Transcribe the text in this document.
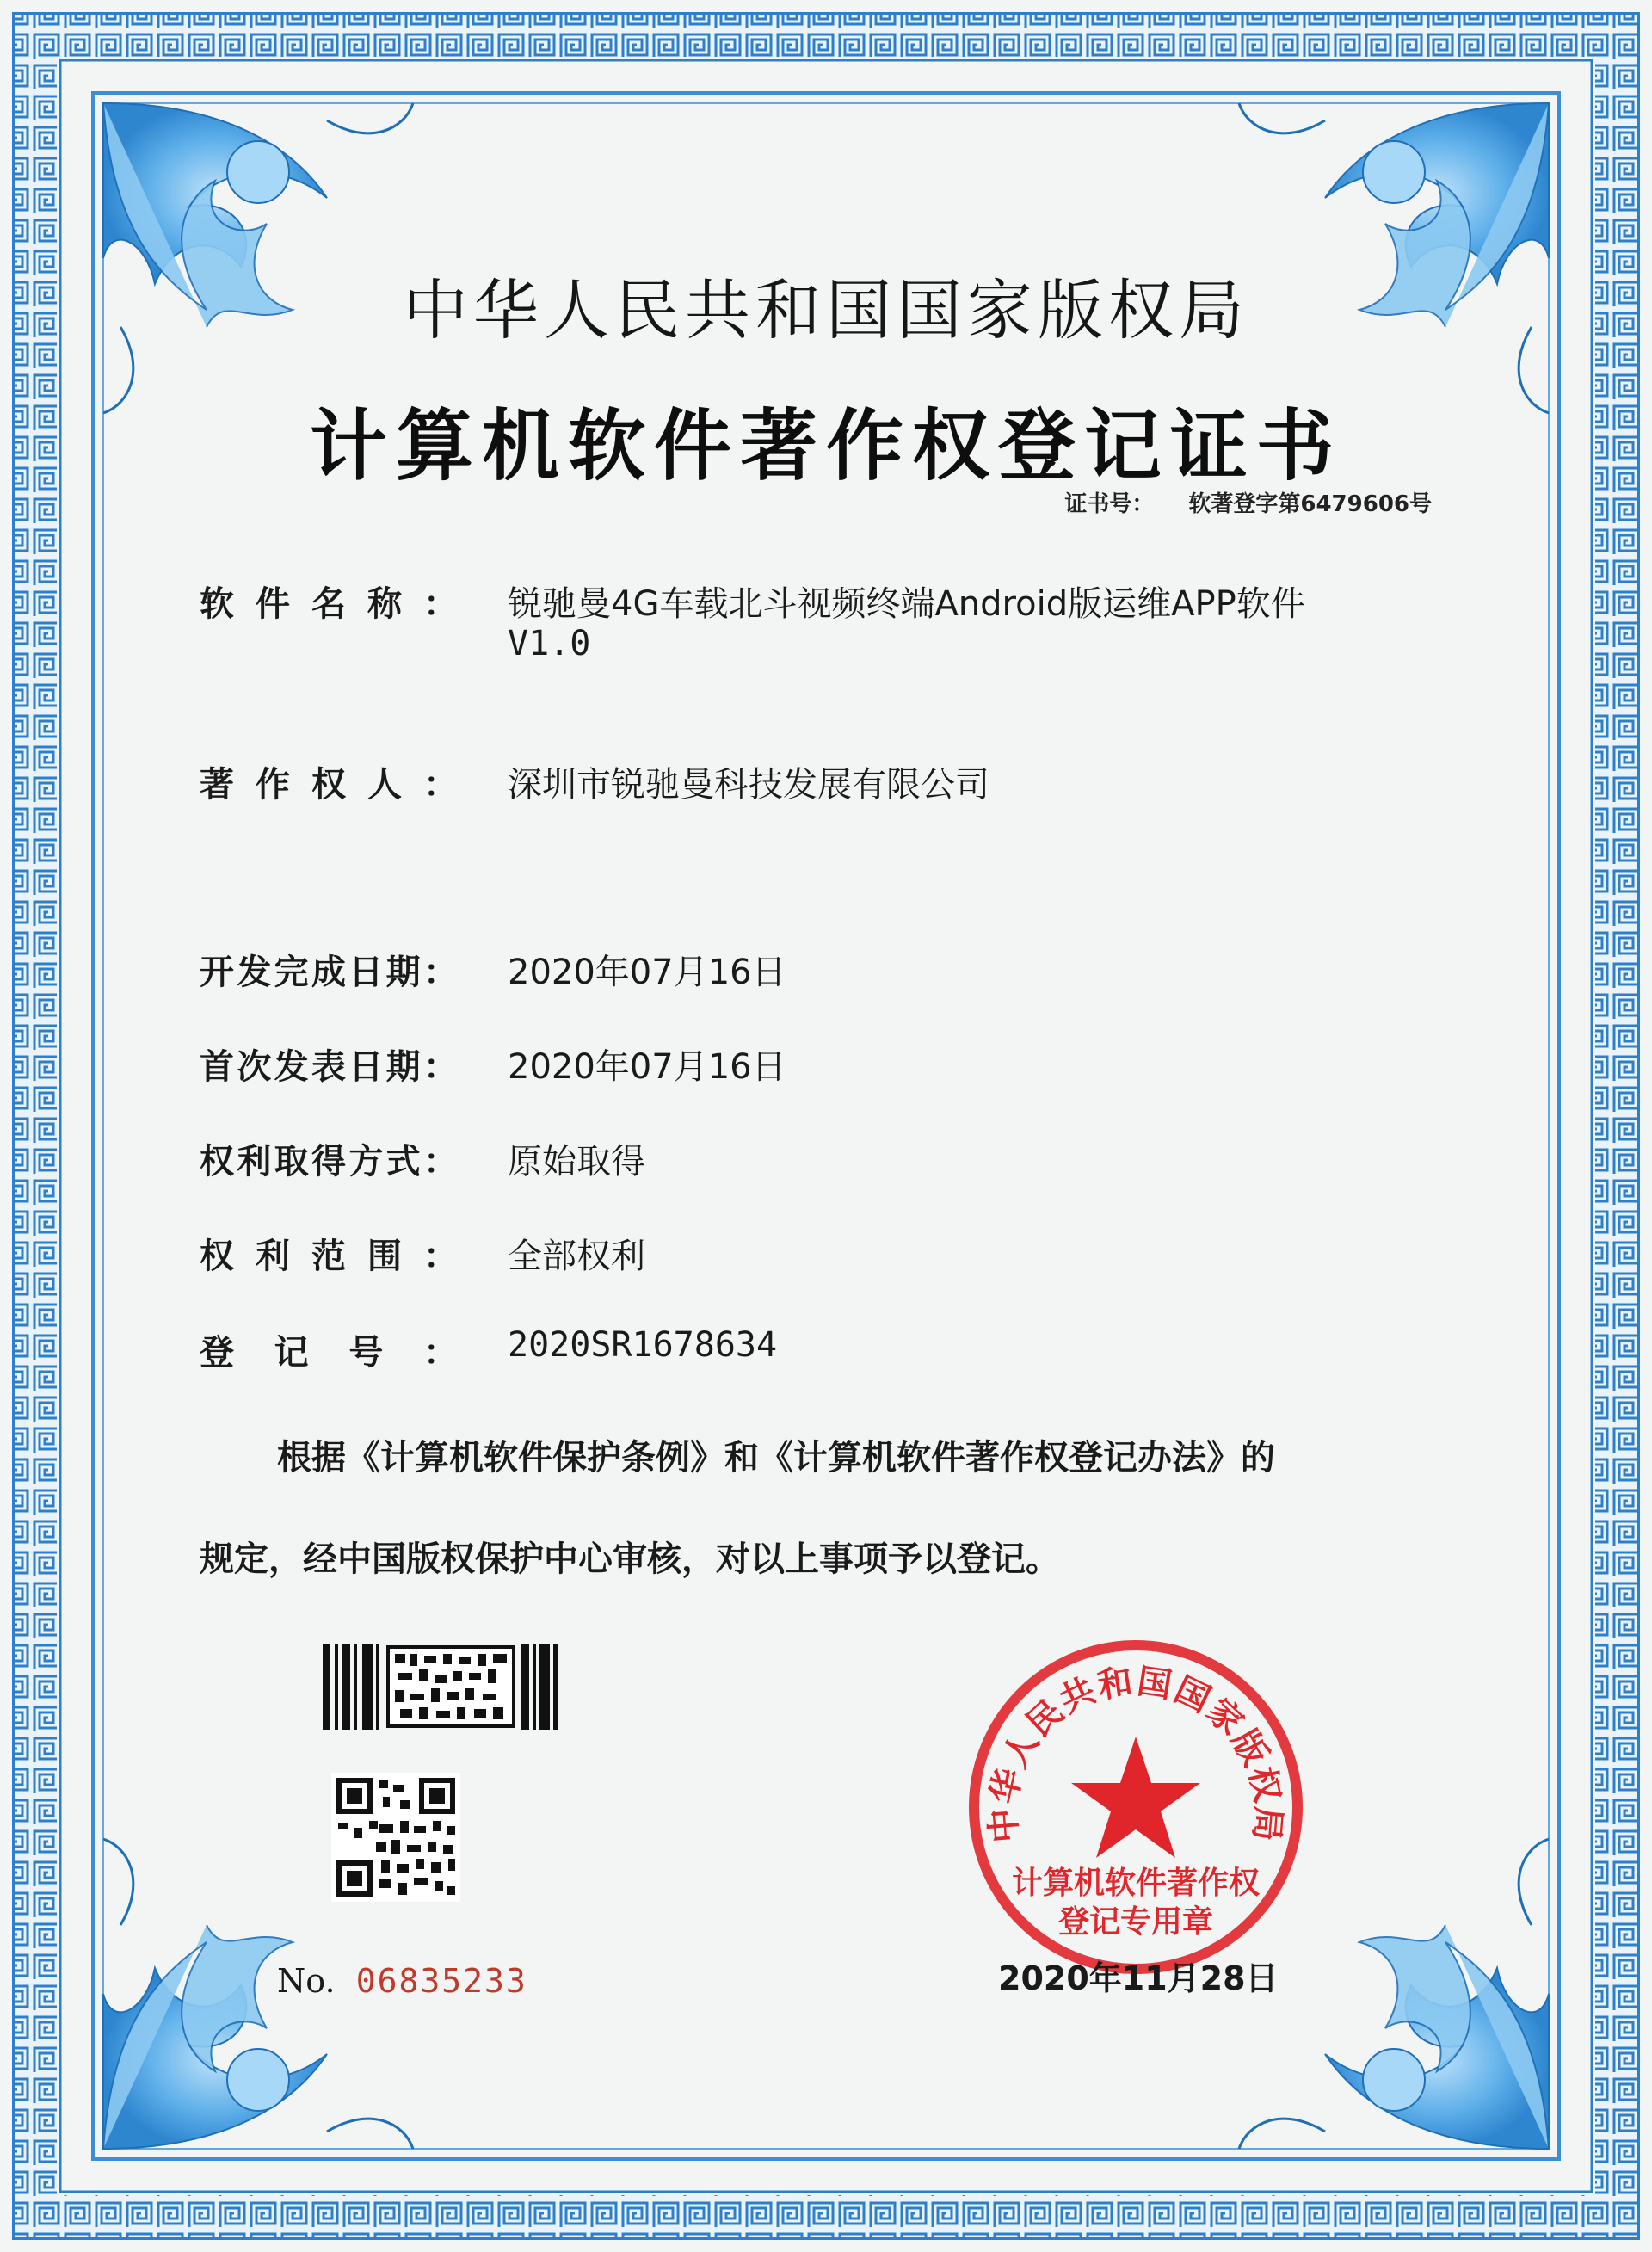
中华人民共和国国家版权局
计算机软件著作权登记证书
证书号： 软著登字第6479606号
软件名称： 锐驰曼4G车载北斗视频终端Android版运维APP软件
V1.0
著作权人： 深圳市锐驰曼科技发展有限公司
开发完成日期： 2020年07月16日
首次发表日期： 2020年07月16日
权利取得方式： 原始取得
权利范围： 全部权利
登记号： 2020SR1678634
根据《计算机软件保护条例》和《计算机软件著作权登记办法》的
规定，经中国版权保护中心审核，对以上事项予以登记。
No. 06835233
中华人民共和国国家版权局
计算机软件著作权
登记专用章
2020年11月28日
